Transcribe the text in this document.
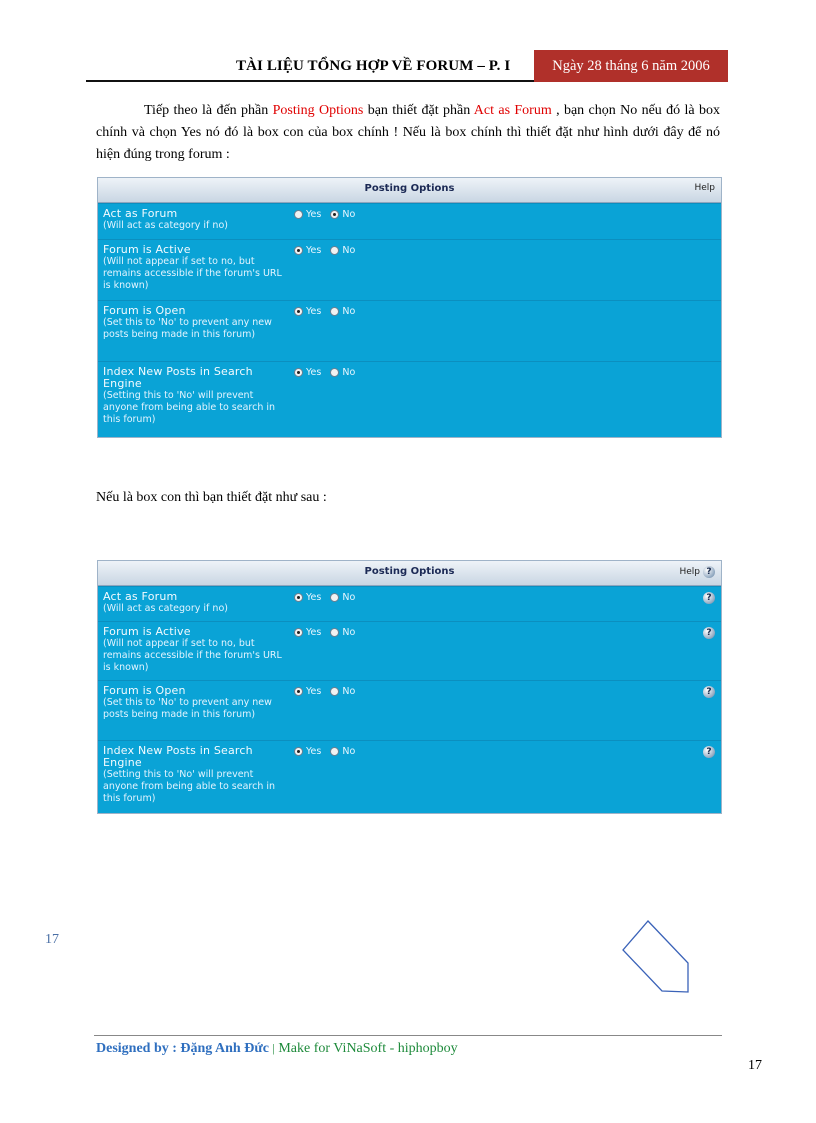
TÀI LIỆU TỔNG HỢP VỀ FORUM – P. I	Ngày 28 tháng 6 năm 2006
Tiếp theo là đến phần Posting Options bạn thiết đặt phần Act as Forum , bạn chọn No nếu đó là box chính và chọn Yes nó đó là box con của box chính ! Nếu là box chính thì thiết đặt như hình dưới đây để nó hiện đúng trong forum :
Posting Options	Help
Act as Forum
(Will act as category if no)
Yes No
Forum is Active
(Will not appear if set to no, but remains accessible if the forum's URL is known)
Yes No
Forum is Open
(Set this to 'No' to prevent any new posts being made in this forum)
Yes No
Index New Posts in Search Engine
(Setting this to 'No' will prevent anyone from being able to search in this forum)
Yes No
Nếu là box con thì bạn thiết đặt như sau :
Posting Options	Help ?
Act as Forum
(Will act as category if no)
Yes No	?
Forum is Active
(Will not appear if set to no, but remains accessible if the forum's URL is known)
Yes No	?
Forum is Open
(Set this to 'No' to prevent any new posts being made in this forum)
Yes No	?
Index New Posts in Search Engine
(Setting this to 'No' will prevent anyone from being able to search in this forum)
Yes No	?
17
Designed by : Đặng Anh Đức | Make for ViNaSoft - hiphopboy
17
